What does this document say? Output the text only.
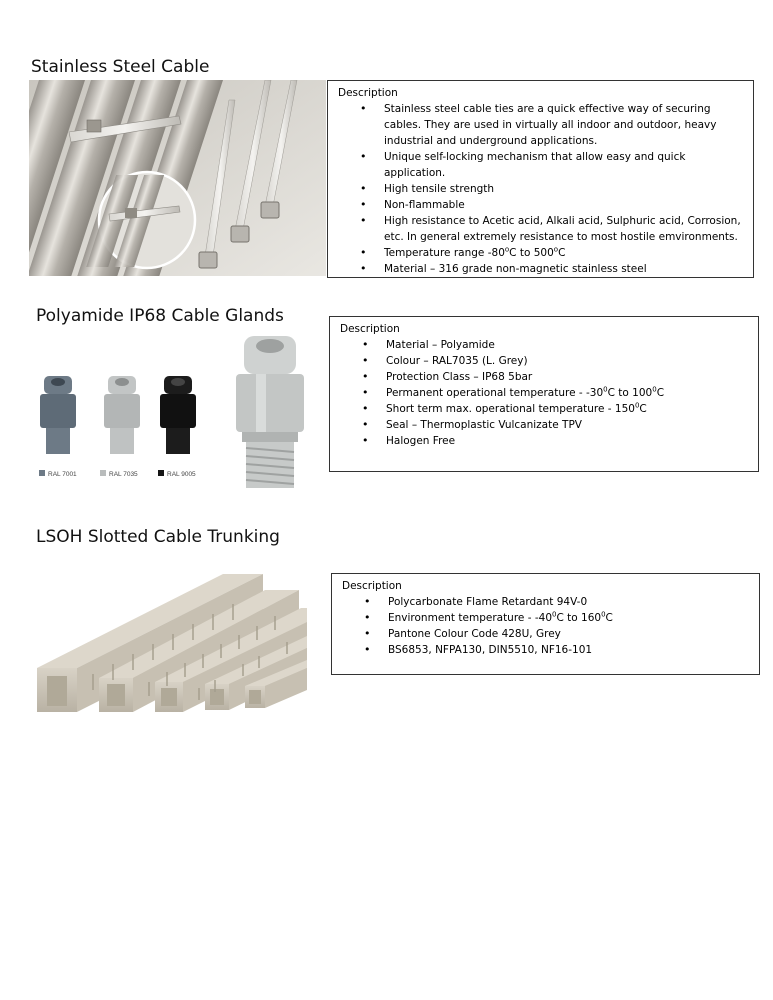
Stainless Steel Cable
Description
• Stainless steel cable ties are a quick effective way of securing cables. They are used in virtually all indoor and outdoor, heavy industrial and underground applications.
• Unique self-locking mechanism that allow easy and quick application.
• High tensile strength
• Non-flammable
• High resistance to Acetic acid, Alkali acid, Sulphuric acid, Corrosion, etc. In general extremely resistance to most hostile emvironments.
• Temperature range -80$^o$C to 500$^o$C
• Material – 316 grade non-magnetic stainless steel
Polyamide IP68 Cable Glands
RAL 7001	RAL 7035	RAL 9005
Description
• Material – Polyamide
• Colour – RAL7035 (L. Grey)
• Protection Class – IP68 5bar
• Permanent operational temperature - $-30^0C$ to $100^0C$
• Short term max. operational temperature - $150^0C$
• Seal – Thermoplastic Vulcanizate TPV
• Halogen Free
LSOH Slotted Cable Trunking
Description
• Polycarbonate Flame Retardant 94V-0
• Environment temperature - $-40^0C$ to $160^0C$
• Pantone Colour Code 428U, Grey
• BS6853, NFPA130, DIN5510, NF16-101
